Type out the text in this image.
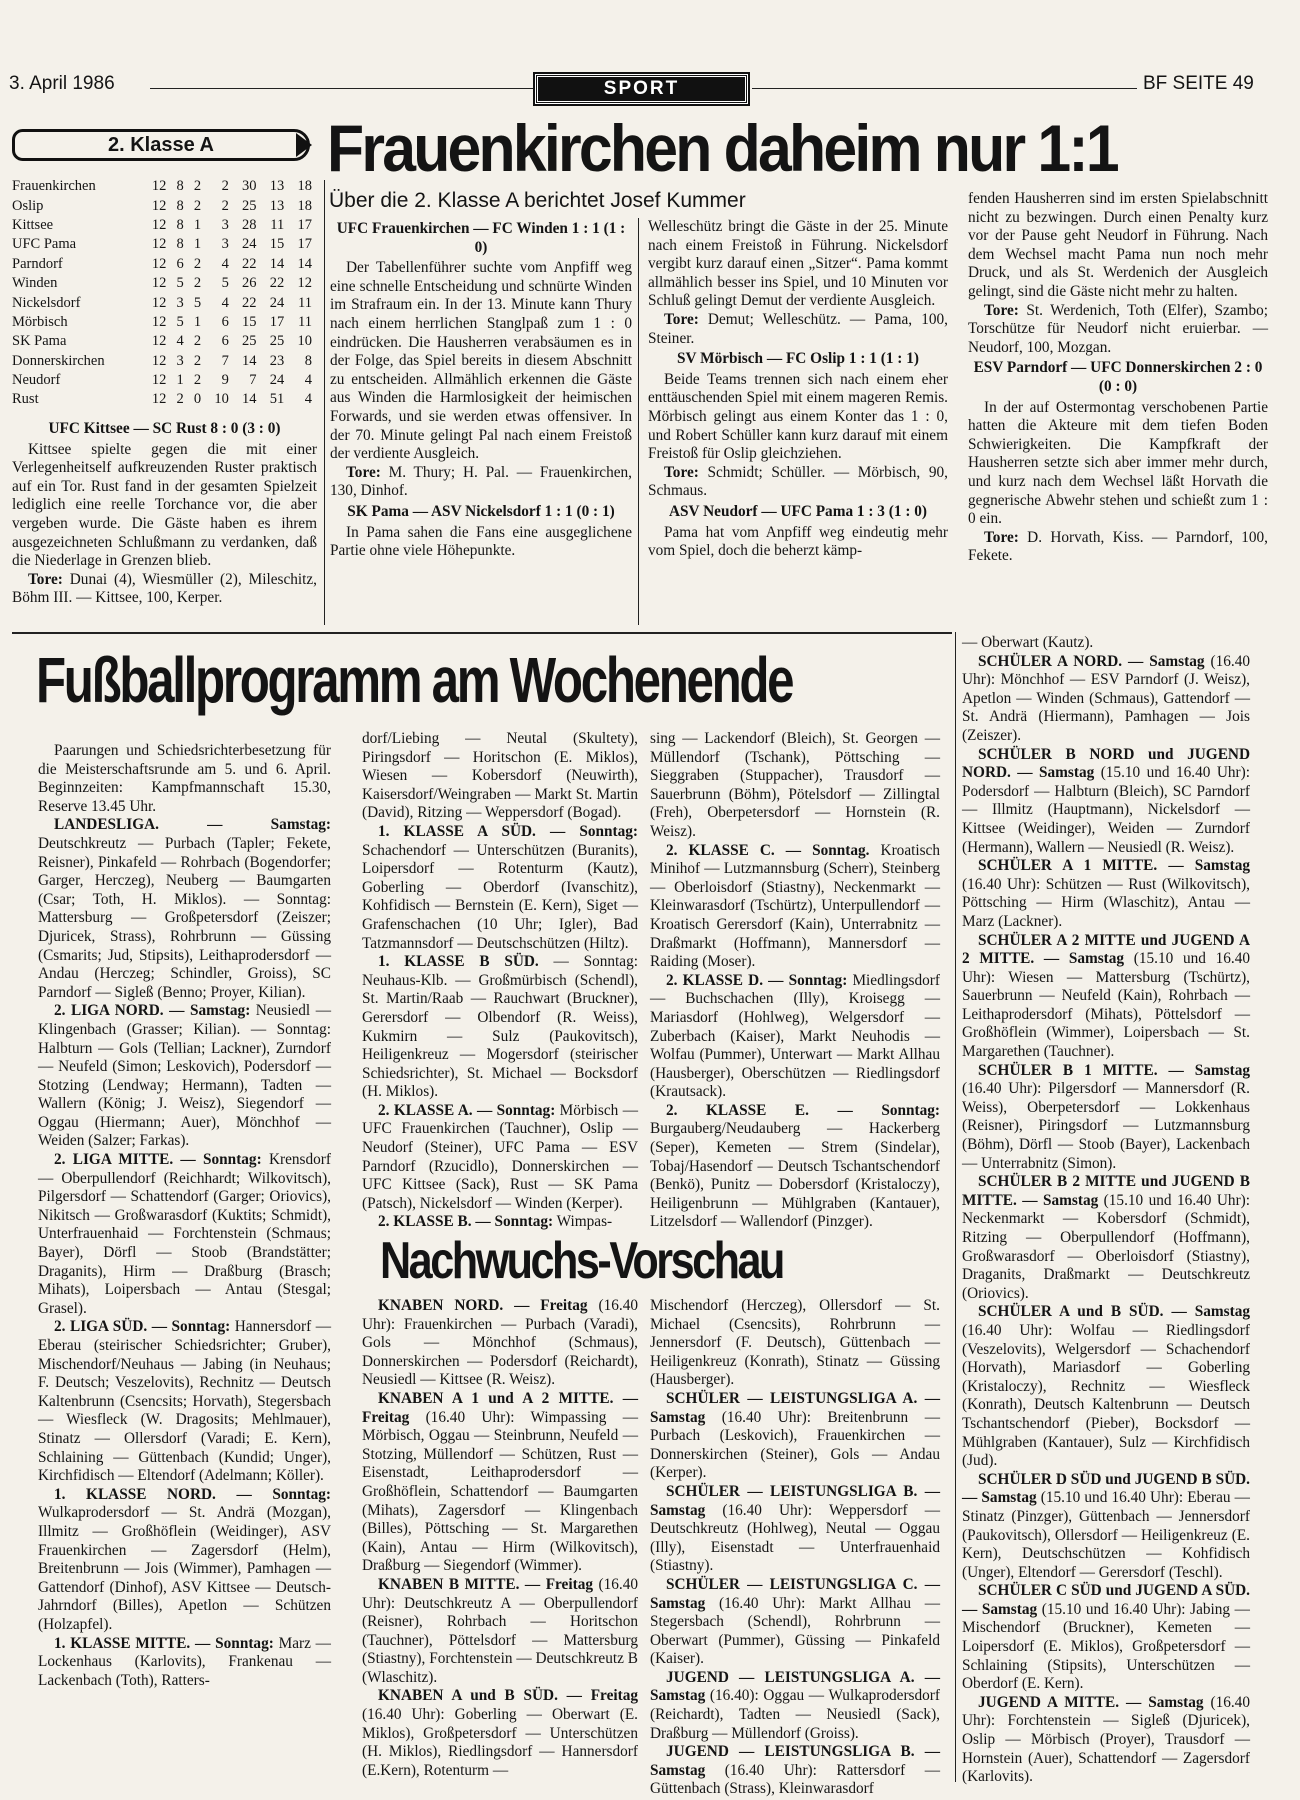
3. April 1986	SPORT	BF SEITE 49
2. Klasse A
Frauenkirchen	12	8	2	2	30	13	18
Oslip	12	8	2	2	25	13	18
Kittsee	12	8	1	3	28	11	17
UFC Pama	12	8	1	3	24	15	17
Parndorf	12	6	2	4	22	14	14
Winden	12	5	2	5	26	22	12
Nickelsdorf	12	3	5	4	22	24	11
Mörbisch	12	5	1	6	15	17	11
SK Pama	12	4	2	6	25	25	10
Donnerskirchen	12	3	2	7	14	23	8
Neudorf	12	1	2	9	7	24	4
Rust	12	2	0	10	14	51	4
Frauenkirchen daheim nur 1:1
Über die 2. Klasse A berichtet Josef Kummer

UFC Kittsee — SC Rust 8 : 0 (3 : 0)

Kittsee spielte gegen die mit einer Verlegenheitself aufkreuzenden Ruster praktisch auf ein Tor. Rust fand in der gesamten Spielzeit lediglich eine reelle Torchance vor, die aber vergeben wurde. Die Gäste haben es ihrem ausgezeichneten Schlußmann zu verdanken, daß die Niederlage in Grenzen blieb.

Tore: Dunai (4), Wiesmüller (2), Mileschitz, Böhm III. — Kittsee, 100, Kerper.

UFC Frauenkirchen — FC Winden 1 : 1 (1 : 0)

Der Tabellenführer suchte vom Anpfiff weg eine schnelle Entscheidung und schnürte Winden im Strafraum ein. In der 13. Minute kann Thury nach einem herrlichen Stanglpaß zum 1 : 0 eindrücken. Die Hausherren verabsäumen es in der Folge, das Spiel bereits in diesem Abschnitt zu entscheiden. Allmählich erkennen die Gäste aus Winden die Harmlosigkeit der heimischen Forwards, und sie werden etwas offensiver. In der 70. Minute gelingt Pal nach einem Freistoß der verdiente Ausgleich.

Tore: M. Thury; H. Pal. — Frauenkirchen, 130, Dinhof.

SK Pama — ASV Nickelsdorf 1 : 1 (0 : 1)

In Pama sahen die Fans eine ausgeglichene Partie ohne viele Höhepunkte.

Welleschütz bringt die Gäste in der 25. Minute nach einem Freistoß in Führung. Nickelsdorf vergibt kurz darauf einen „Sitzer“. Pama kommt allmählich besser ins Spiel, und 10 Minuten vor Schluß gelingt Demut der verdiente Ausgleich.

Tore: Demut; Welleschütz. — Pama, 100, Steiner.

SV Mörbisch — FC Oslip 1 : 1 (1 : 1)

Beide Teams trennen sich nach einem eher enttäuschenden Spiel mit einem mageren Remis. Mörbisch gelingt aus einem Konter das 1 : 0, und Robert Schüller kann kurz darauf mit einem Freistoß für Oslip gleichziehen.

Tore: Schmidt; Schüller. — Mörbisch, 90, Schmaus.

ASV Neudorf — UFC Pama 1 : 3 (1 : 0)

Pama hat vom Anpfiff weg eindeutig mehr vom Spiel, doch die beherzt kämp-

fenden Hausherren sind im ersten Spielabschnitt nicht zu bezwingen. Durch einen Penalty kurz vor der Pause geht Neudorf in Führung. Nach dem Wechsel macht Pama nun noch mehr Druck, und als St. Werdenich der Ausgleich gelingt, sind die Gäste nicht mehr zu halten.

Tore: St. Werdenich, Toth (Elfer), Szambo; Torschütze für Neudorf nicht eruierbar. — Neudorf, 100, Mozgan.

ESV Parndorf — UFC Donnerskirchen 2 : 0 (0 : 0)

In der auf Ostermontag verschobenen Partie hatten die Akteure mit dem tiefen Boden Schwierigkeiten. Die Kampfkraft der Hausherren setzte sich aber immer mehr durch, und kurz nach dem Wechsel läßt Horvath die gegnerische Abwehr stehen und schießt zum 1 : 0 ein.

Tore: D. Horvath, Kiss. — Parndorf, 100, Fekete.

Fußballprogramm am Wochenende

Paarungen und Schiedsrichterbesetzung für die Meisterschaftsrunde am 5. und 6. April. Beginnzeiten: Kampfmannschaft 15.30, Reserve 13.45 Uhr.

LANDESLIGA. — Samstag: Deutschkreutz — Purbach (Tapler; Fekete, Reisner), Pinkafeld — Rohrbach (Bogendorfer; Garger, Herczeg), Neuberg — Baumgarten (Csar; Toth, H. Miklos). — Sonntag: Mattersburg — Großpetersdorf (Zeiszer; Djuricek, Strass), Rohrbrunn — Güssing (Csmarits; Jud, Stipsits), Leithaprodersdorf — Andau (Herczeg; Schindler, Groiss), SC Parndorf — Sigleß (Benno; Proyer, Kilian).

2. LIGA NORD. — Samstag: Neusiedl — Klingenbach (Grasser; Kilian). — Sonntag: Halbturn — Gols (Tellian; Lackner), Zurndorf — Neufeld (Simon; Leskovich), Podersdorf — Stotzing (Lendway; Hermann), Tadten — Wallern (König; J. Weisz), Siegendorf — Oggau (Hiermann; Auer), Mönchhof — Weiden (Salzer; Farkas).

2. LIGA MITTE. — Sonntag: Krensdorf — Oberpullendorf (Reichhardt; Wilkovitsch), Pilgersdorf — Schattendorf (Garger; Oriovics), Nikitsch — Großwarasdorf (Kuktits; Schmidt), Unterfrauenhaid — Forchtenstein (Schmaus; Bayer), Dörfl — Stoob (Brandstätter; Draganits), Hirm — Draßburg (Brasch; Mihats), Loipersbach — Antau (Stesgal; Grasel).

2. LIGA SÜD. — Sonntag: Hannersdorf — Eberau (steirischer Schiedsrichter; Gruber), Mischendorf/Neuhaus — Jabing (in Neuhaus; F. Deutsch; Veszelovits), Rechnitz — Deutsch Kaltenbrunn (Csencsits; Horvath), Stegersbach — Wiesfleck (W. Dragosits; Mehlmauer), Stinatz — Ollersdorf (Varadi; E. Kern), Schlaining — Güttenbach (Kundid; Unger), Kirchfidisch — Eltendorf (Adelmann; Köller).

1. KLASSE NORD. — Sonntag: Wulkaprodersdorf — St. Andrä (Mozgan), Illmitz — Großhöflein (Weidinger), ASV Frauenkirchen — Zagersdorf (Helm), Breitenbrunn — Jois (Wimmer), Pamhagen — Gattendorf (Dinhof), ASV Kittsee — Deutsch-Jahrndorf (Billes), Apetlon — Schützen (Holzapfel).

1. KLASSE MITTE. — Sonntag: Marz — Lockenhaus (Karlovits), Frankenau — Lackenbach (Toth), Ratters-

dorf/Liebing — Neutal (Skultety), Piringsdorf — Horitschon (E. Miklos), Wiesen — Kobersdorf (Neuwirth), Kaisersdorf/Weingraben — Markt St. Martin (David), Ritzing — Weppersdorf (Bogad).

1. KLASSE A SÜD. — Sonntag: Schachendorf — Unterschützen (Buranits), Loipersdorf — Rotenturm (Kautz), Goberling — Oberdorf (Ivanschitz), Kohfidisch — Bernstein (E. Kern), Siget — Grafenschachen (10 Uhr; Igler), Bad Tatzmannsdorf — Deutschschützen (Hiltz).

1. KLASSE B SÜD. — Sonntag: Neuhaus-Klb. — Großmürbisch (Schendl), St. Martin/Raab — Rauchwart (Bruckner), Gerersdorf — Olbendorf (R. Weiss), Kukmirn — Sulz (Paukovitsch), Heiligenkreuz — Mogersdorf (steirischer Schiedsrichter), St. Michael — Bocksdorf (H. Miklos).

2. KLASSE A. — Sonntag: Mörbisch — UFC Frauenkirchen (Tauchner), Oslip — Neudorf (Steiner), UFC Pama — ESV Parndorf (Rzucidlo), Donnerskirchen — UFC Kittsee (Sack), Rust — SK Pama (Patsch), Nickelsdorf — Winden (Kerper).

2. KLASSE B. — Sonntag: Wimpas-

sing — Lackendorf (Bleich), St. Georgen — Müllendorf (Tschank), Pöttsching — Sieggraben (Stuppacher), Trausdorf — Sauerbrunn (Böhm), Pötelsdorf — Zillingtal (Freh), Oberpetersdorf — Hornstein (R. Weisz).

2. KLASSE C. — Sonntag. Kroatisch Minihof — Lutzmannsburg (Scherr), Steinberg — Oberloisdorf (Stiastny), Neckenmarkt — Kleinwarasdorf (Tschürtz), Unterpullendorf — Kroatisch Gerersdorf (Kain), Unterrabnitz — Draßmarkt (Hoffmann), Mannersdorf — Raiding (Moser).

2. KLASSE D. — Sonntag: Miedlingsdorf — Buchschachen (Illy), Kroisegg — Mariasdorf (Hohlweg), Welgersdorf — Zuberbach (Kaiser), Markt Neuhodis — Wolfau (Pummer), Unterwart — Markt Allhau (Hausberger), Oberschützen — Riedlingsdorf (Krautsack).

2. KLASSE E. — Sonntag: Burgauberg/Neudauberg — Hackerberg (Seper), Kemeten — Strem (Sindelar), Tobaj/Hasendorf — Deutsch Tschantschendorf (Benkö), Punitz — Dobersdorf (Kristaloczy), Heiligenbrunn — Mühlgraben (Kantauer), Litzelsdorf — Wallendorf (Pinzger).

— Oberwart (Kautz).

SCHÜLER A NORD. — Samstag (16.40 Uhr): Mönchhof — ESV Parndorf (J. Weisz), Apetlon — Winden (Schmaus), Gattendorf — St. Andrä (Hiermann), Pamhagen — Jois (Zeiszer).

SCHÜLER B NORD und JUGEND NORD. — Samstag (15.10 und 16.40 Uhr): Podersdorf — Halbturn (Bleich), SC Parndorf — Illmitz (Hauptmann), Nickelsdorf — Kittsee (Weidinger), Weiden — Zurndorf (Hermann), Wallern — Neusiedl (R. Weisz).

SCHÜLER A 1 MITTE. — Samstag (16.40 Uhr): Schützen — Rust (Wilkovitsch), Pöttsching — Hirm (Wlaschitz), Antau — Marz (Lackner).

SCHÜLER A 2 MITTE und JUGEND A 2 MITTE. — Samstag (15.10 und 16.40 Uhr): Wiesen — Mattersburg (Tschürtz), Sauerbrunn — Neufeld (Kain), Rohrbach — Leithaprodersdorf (Mihats), Pöttelsdorf — Großhöflein (Wimmer), Loipersbach — St. Margarethen (Tauchner).

SCHÜLER B 1 MITTE. — Samstag (16.40 Uhr): Pilgersdorf — Mannersdorf (R. Weiss), Oberpetersdorf — Lokkenhaus (Reisner), Piringsdorf — Lutzmannsburg (Böhm), Dörfl — Stoob (Bayer), Lackenbach — Unterrabnitz (Simon).

SCHÜLER B 2 MITTE und JUGEND B MITTE. — Samstag (15.10 und 16.40 Uhr): Neckenmarkt — Kobersdorf (Schmidt), Ritzing — Oberpullendorf (Hoffmann), Großwarasdorf — Oberloisdorf (Stiastny), Draganits, Draßmarkt — Deutschkreutz (Oriovics).

SCHÜLER A und B SÜD. — Samstag (16.40 Uhr): Wolfau — Riedlingsdorf (Veszelovits), Welgersdorf — Schachendorf (Horvath), Mariasdorf — Goberling (Kristaloczy), Rechnitz — Wiesfleck (Konrath), Deutsch Kaltenbrunn — Deutsch Tschantschendorf (Pieber), Bocksdorf — Mühlgraben (Kantauer), Sulz — Kirchfidisch (Jud).

SCHÜLER D SÜD und JUGEND B SÜD. — Samstag (15.10 und 16.40 Uhr): Eberau — Stinatz (Pinzger), Güttenbach — Jennersdorf (Paukovitsch), Ollersdorf — Heiligenkreuz (E. Kern), Deutschschützen — Kohfidisch (Unger), Eltendorf — Gerersdorf (Teschl).

SCHÜLER C SÜD und JUGEND A SÜD. — Samstag (15.10 und 16.40 Uhr): Jabing — Mischendorf (Bruckner), Kemeten — Loipersdorf (E. Miklos), Großpetersdorf — Schlaining (Stipsits), Unterschützen — Oberdorf (E. Kern).

JUGEND A MITTE. — Samstag (16.40 Uhr): Forchtenstein — Sigleß (Djuricek), Oslip — Mörbisch (Proyer), Trausdorf — Hornstein (Auer), Schattendorf — Zagersdorf (Karlovits).

Nachwuchs-Vorschau

KNABEN NORD. — Freitag (16.40 Uhr): Frauenkirchen — Purbach (Varadi), Gols — Mönchhof (Schmaus), Donnerskirchen — Podersdorf (Reichardt), Neusiedl — Kittsee (R. Weisz).

KNABEN A 1 und A 2 MITTE. — Freitag (16.40 Uhr): Wimpassing — Mörbisch, Oggau — Steinbrunn, Neufeld — Stotzing, Müllendorf — Schützen, Rust — Eisenstadt, Leithaprodersdorf — Großhöflein, Schattendorf — Baumgarten (Mihats), Zagersdorf — Klingenbach (Billes), Pöttsching — St. Margarethen (Kain), Antau — Hirm (Wilkovitsch), Draßburg — Siegendorf (Wimmer).

KNABEN B MITTE. — Freitag (16.40 Uhr): Deutschkreutz A — Oberpullendorf (Reisner), Rohrbach — Horitschon (Tauchner), Pöttelsdorf — Mattersburg (Stiastny), Forchtenstein — Deutschkreutz B (Wlaschitz).

KNABEN A und B SÜD. — Freitag (16.40 Uhr): Goberling — Oberwart (E. Miklos), Großpetersdorf — Unterschützen (H. Miklos), Riedlingsdorf — Hannersdorf (E.Kern), Rotenturm —

Mischendorf (Herczeg), Ollersdorf — St. Michael (Csencsits), Rohrbrunn — Jennersdorf (F. Deutsch), Güttenbach — Heiligenkreuz (Konrath), Stinatz — Güssing (Hausberger).

SCHÜLER — LEISTUNGSLIGA A. — Samstag (16.40 Uhr): Breitenbrunn — Purbach (Leskovich), Frauenkirchen — Donnerskirchen (Steiner), Gols — Andau (Kerper).

SCHÜLER — LEISTUNGSLIGA B. — Samstag (16.40 Uhr): Weppersdorf — Deutschkreutz (Hohlweg), Neutal — Oggau (Illy), Eisenstadt — Unterfrauenhaid (Stiastny).

SCHÜLER — LEISTUNGSLIGA C. — Samstag (16.40 Uhr): Markt Allhau — Stegersbach (Schendl), Rohrbrunn — Oberwart (Pummer), Güssing — Pinkafeld (Kaiser).

JUGEND — LEISTUNGSLIGA A. — Samstag (16.40): Oggau — Wulkaprodersdorf (Reichardt), Tadten — Neusiedl (Sack), Draßburg — Müllendorf (Groiss).

JUGEND — LEISTUNGSLIGA B. — Samstag (16.40 Uhr): Rattersdorf — Güttenbach (Strass), Kleinwarasdorf
